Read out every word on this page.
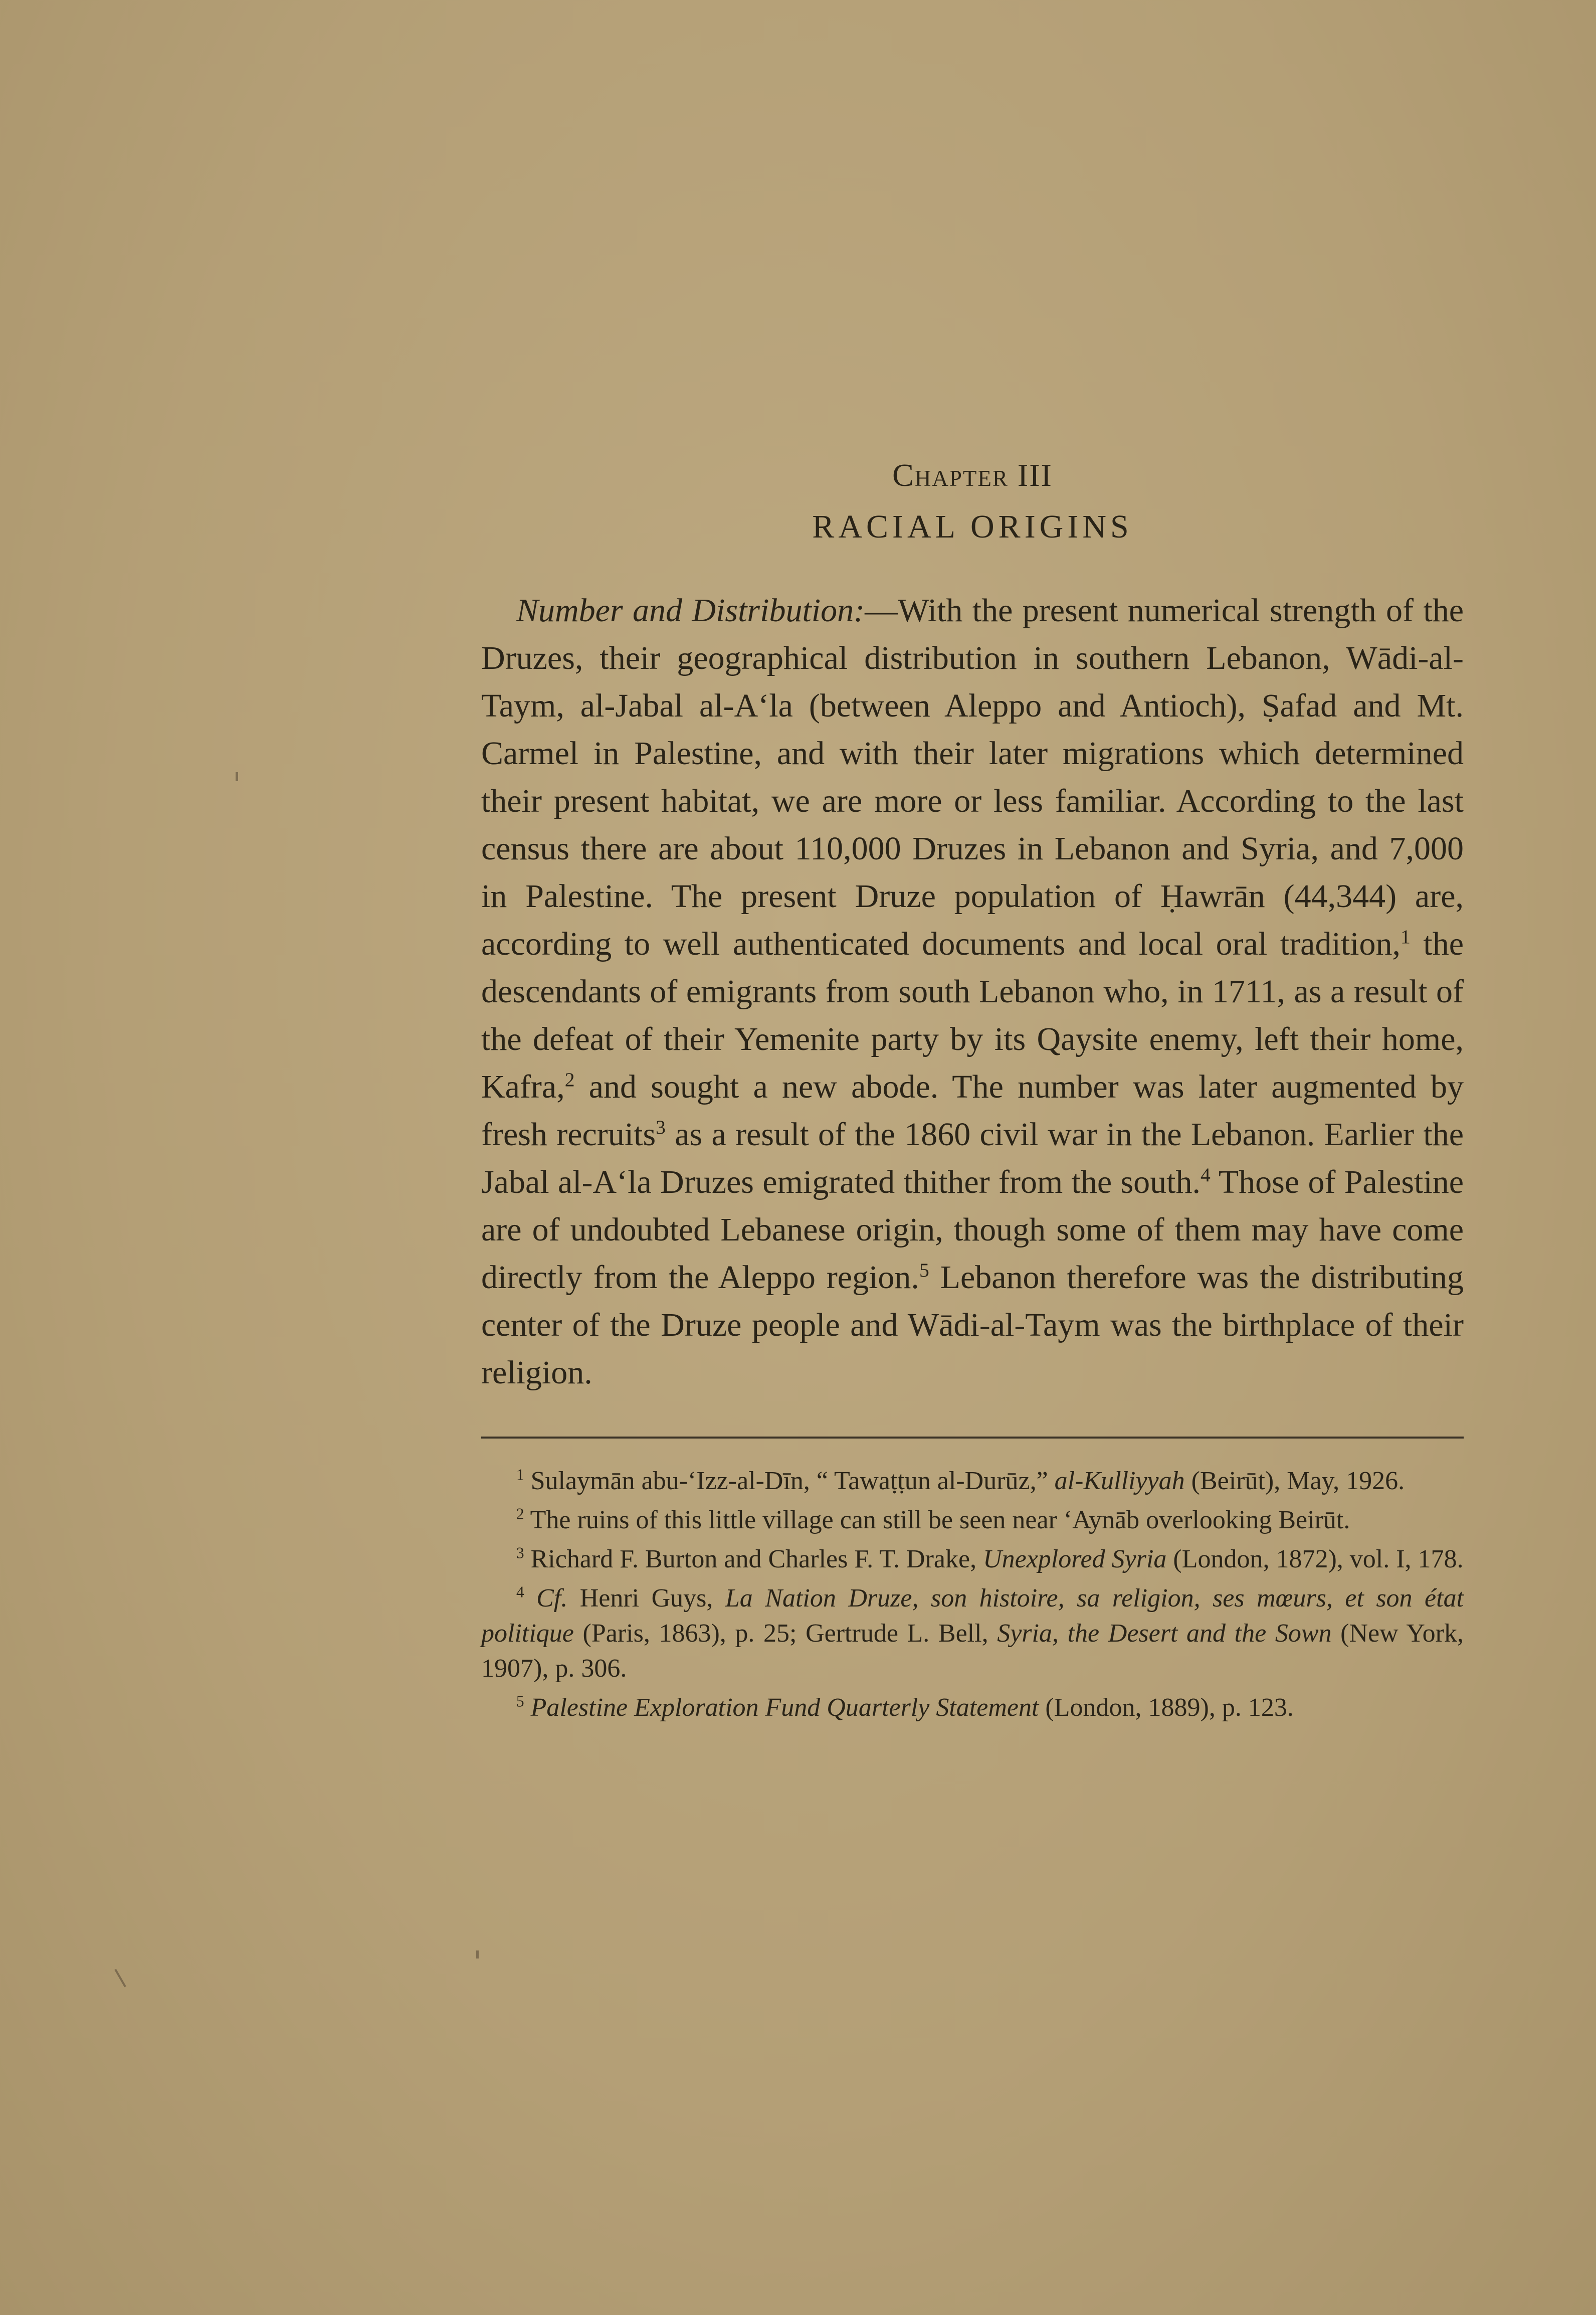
Chapter III
RACIAL ORIGINS

Number and Distribution:—With the present numerical strength of the Druzes, their geographical distribution in southern Lebanon, Wādi-al-Taym, al-Jabal al-A‘la (between Aleppo and Antioch), Ṣafad and Mt. Carmel in Palestine, and with their later migrations which determined their present habitat, we are more or less familiar. According to the last census there are about 110,000 Druzes in Lebanon and Syria, and 7,000 in Palestine. The present Druze population of Ḥawrān (44,344) are, according to well authenticated documents and local oral tradition,$^1$ the descendants of emigrants from south Lebanon who, in 1711, as a result of the defeat of their Yemenite party by its Qaysite enemy, left their home, Kafra,$^2$ and sought a new abode. The number was later augmented by fresh recruits$^3$ as a result of the 1860 civil war in the Lebanon. Earlier the Jabal al-A‘la Druzes emigrated thither from the south.$^4$ Those of Palestine are of undoubted Lebanese origin, though some of them may have come directly from the Aleppo region.$^5$ Lebanon therefore was the distributing center of the Druze people and Wādi-al-Taym was the birthplace of their religion.

$^1$ Sulaymān abu-‘Izz-al-Dīn, “ Tawaṭṭun al-Durūz,” al-Kulliyyah (Beirūt), May, 1926.

$^2$ The ruins of this little village can still be seen near ‘Aynāb overlooking Beirūt.

$^3$ Richard F. Burton and Charles F. T. Drake, Unexplored Syria (London, 1872), vol. I, 178.

$^4$ Cf. Henri Guys, La Nation Druze, son histoire, sa religion, ses mœurs, et son état politique (Paris, 1863), p. 25; Gertrude L. Bell, Syria, the Desert and the Sown (New York, 1907), p. 306.

$^5$ Palestine Exploration Fund Quarterly Statement (London, 1889), p. 123.
